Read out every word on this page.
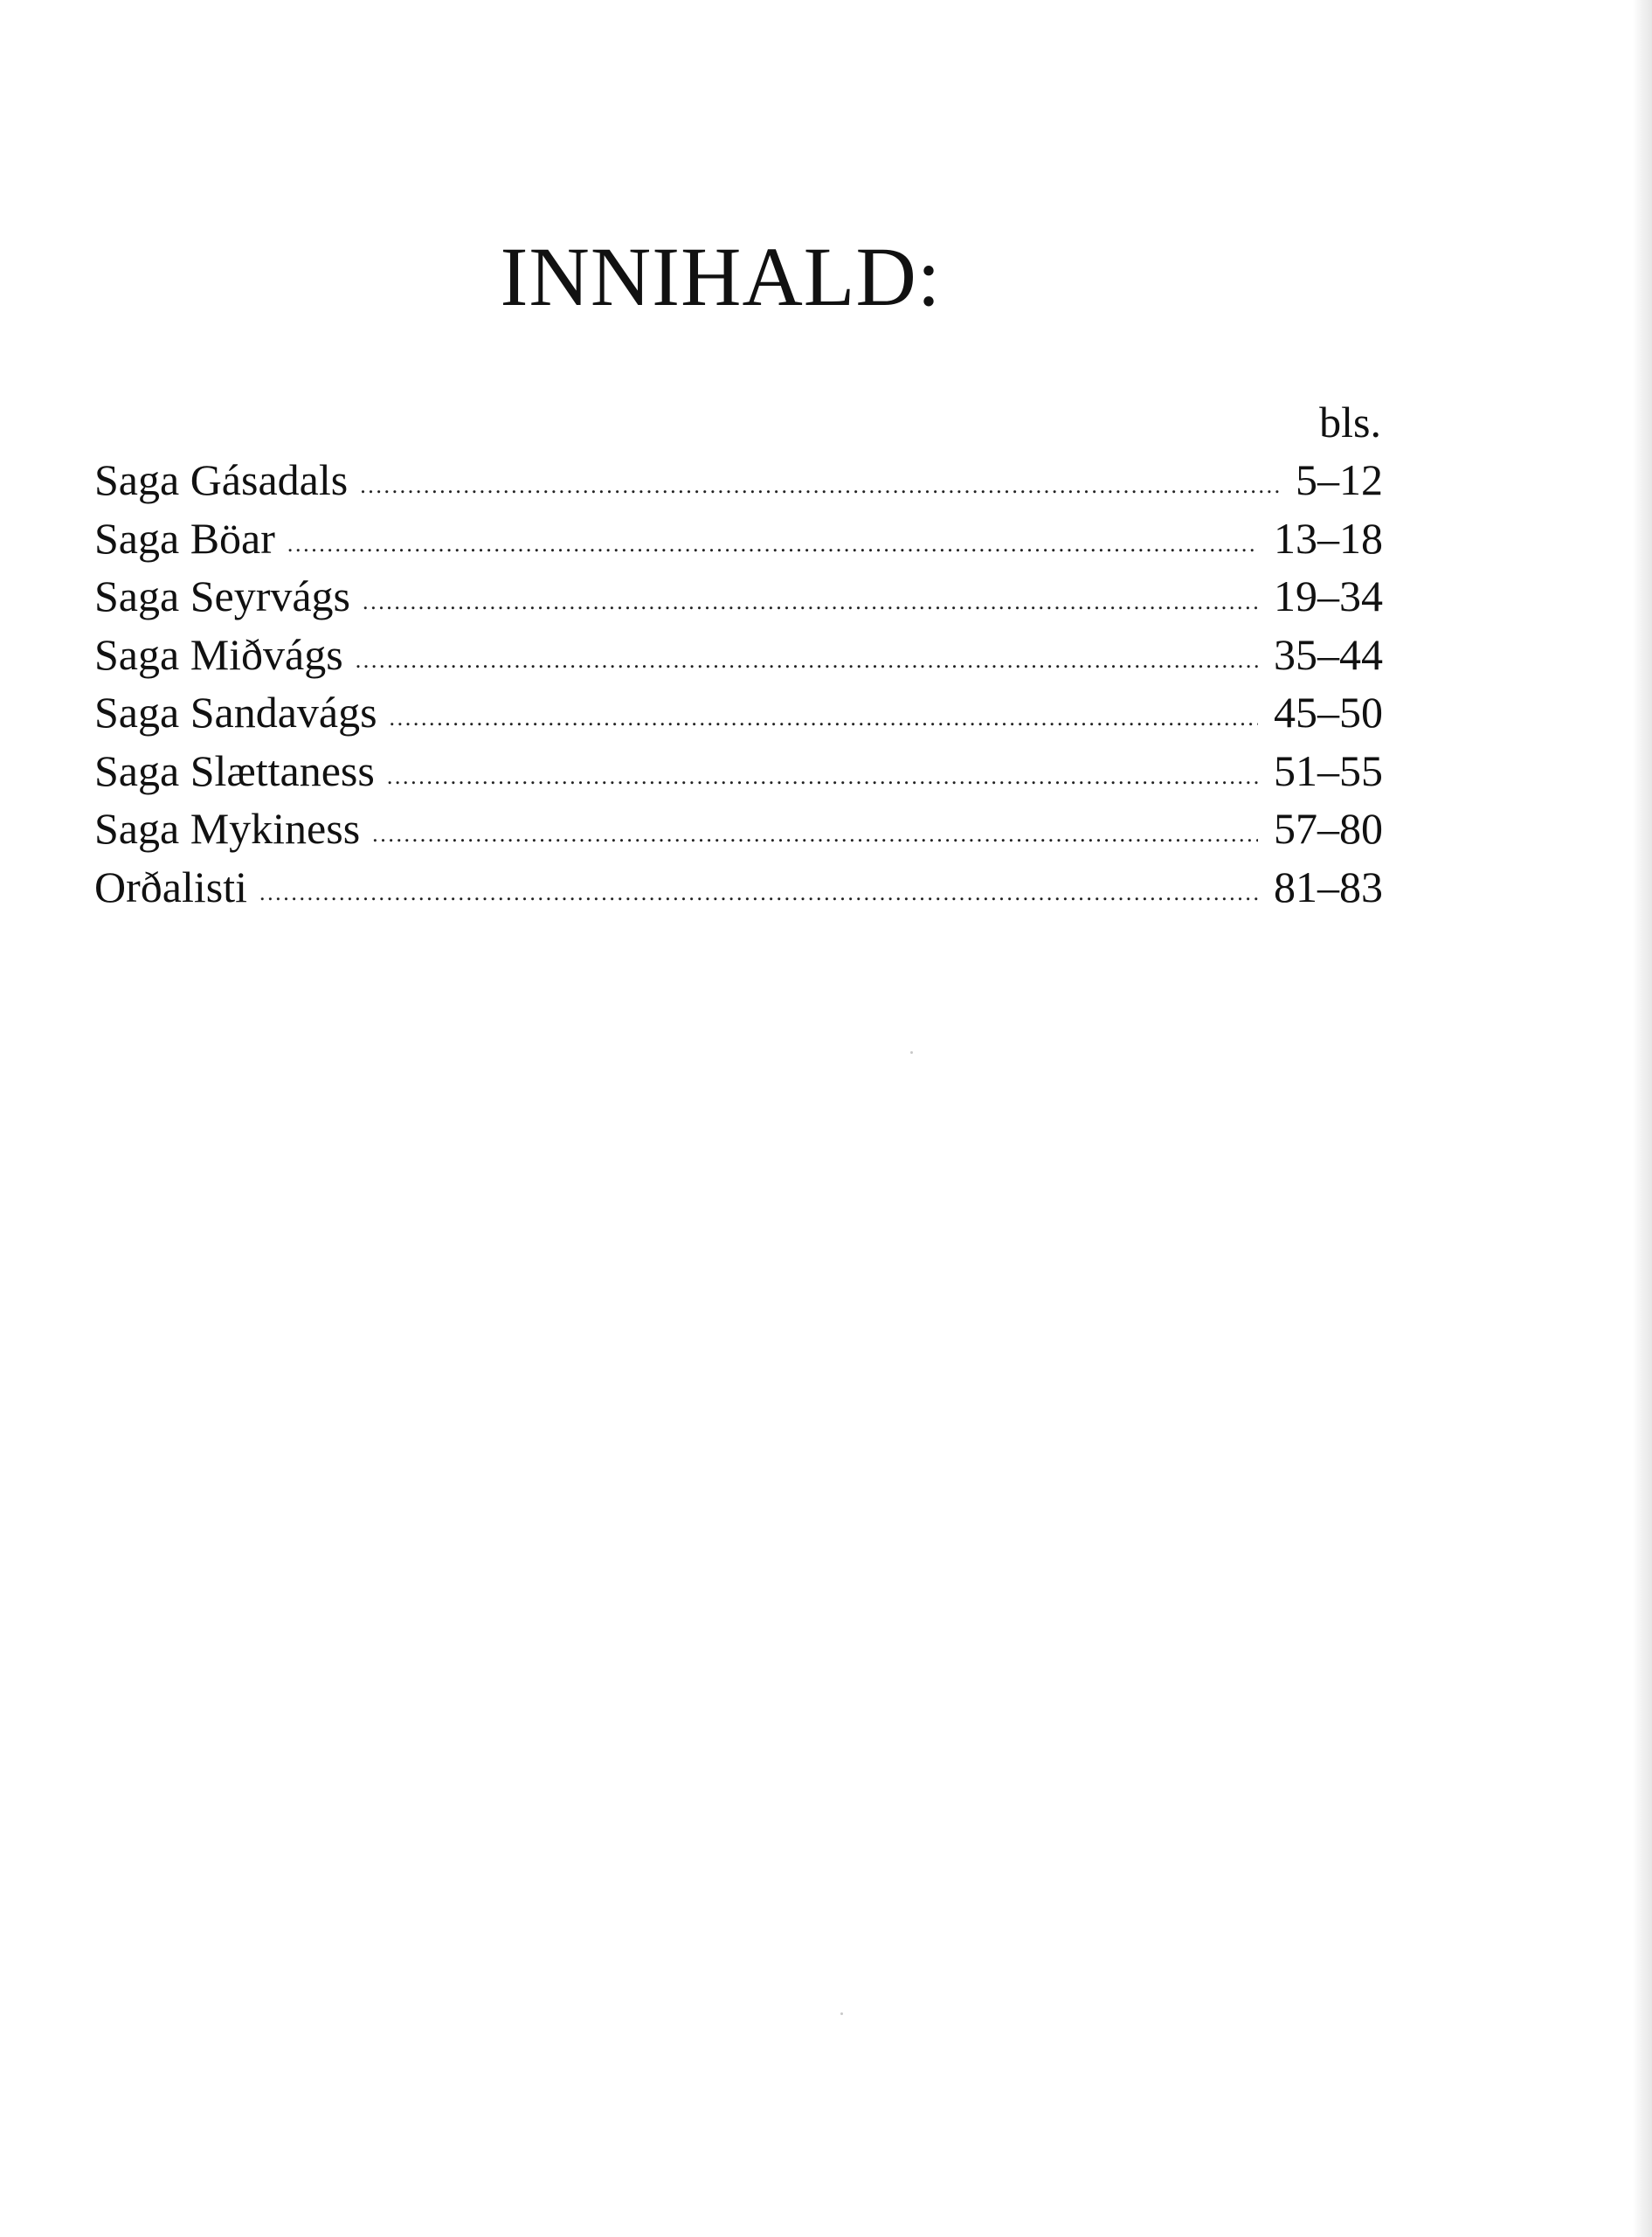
INNIHALD:
bls.
Saga Gásadals .....	5–12
Saga Böar .....	13–18
Saga Seyrvágs .....	19–34
Saga Miðvágs .....	35–44
Saga Sandavágs .....	45–50
Saga Slættaness .....	51–55
Saga Mykiness .....	57–80
Orðalisti .....	81–83
